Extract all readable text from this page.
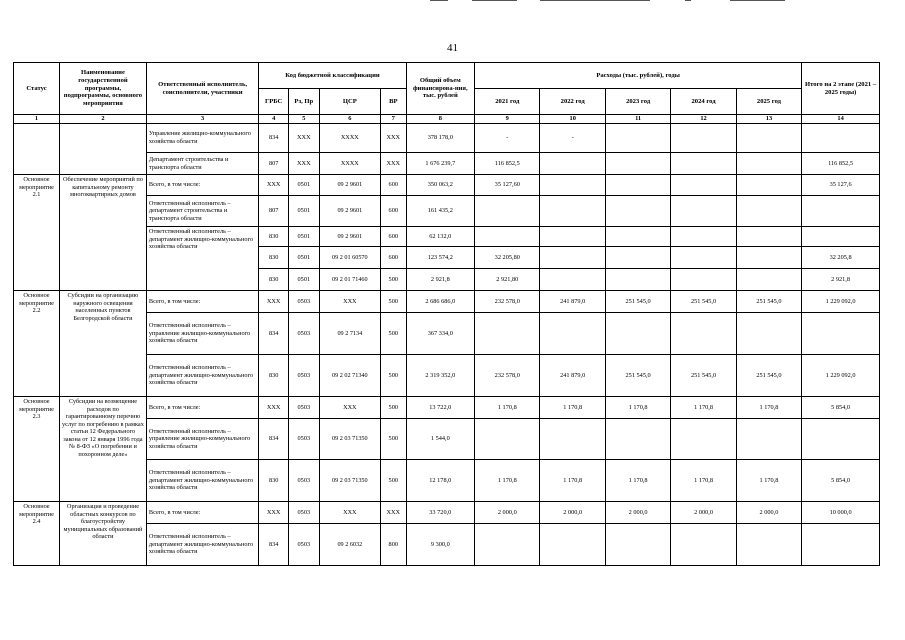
41
Статус	Наименование государственной программы, подпрограммы, основного мероприятия	Ответственный исполнитель, соисполнители, участники	Код бюджетной классификации				Общий объем финансирова-ния, тыс. рублей	Расходы (тыс. рублей), годы					Итого на 2 этапе (2021 – 2025 годы)
			ГРБС	Рз, Пр	ЦСР	ВР		2021 год	2022 год	2023 год	2024 год	2025 год	
1	2	3	4	5	6	7	8	9	10	11	12	13	14
		Управление жилищно-коммунального хозяйства области	834	ХХХ	ХХХХ	ХХХ	378 178,0	-	-				
		Департамент строительства и транспорта области	807	ХХХ	ХХХХ	ХХХ	1 676 239,7	116 852,5					116 852,5
Основное мероприятие 2.1	Обеспечение мероприятий по капитальному ремонту многоквартирных домов	Всего, в том числе:	ХХХ	0501	09 2 9601	600	350 063,2	35 127,60					35 127,6
		Ответственный исполнитель – департамент строительства и транспорта области	807	0501	09 2 9601	600	161 435,2						
		Ответственный исполнитель – департамент жилищно-коммунального хозяйства области	830	0501	09 2 9601	600	62 132,0						
			830	0501	09 2 01 60570	600	123 574,2	32 205,80					32 205,8
			830	0501	09 2 01 71460	500	2 921,8	2 921,80					2 921,8
Основное мероприятие 2.2	Субсидии на организацию наружного освещения населенных пунктов Белгородской области	Всего, в том числе:	ХХХ	0503	ХХХ	500	2 686 686,0	232 578,0	241 879,0	251 545,0	251 545,0	251 545,0	1 229 092,0
		Ответственный исполнитель – управление жилищно-коммунального хозяйства области	834	0503	09 2 7134	500	367 334,0						
		Ответственный исполнитель – департамент жилищно-коммунального хозяйства области	830	0503	09 2 02 71340	500	2 319 352,0	232 578,0	241 879,0	251 545,0	251 545,0	251 545,0	1 229 092,0
Основное мероприятие 2.3	Субсидии на возмещение расходов по гарантированному перечню услуг по погребению в рамках статьи 12 Федерального закона от 12 января 1996 года № 8-ФЗ «О погребении и похоронном деле»	Всего, в том числе:	ХХХ	0503	ХХХ	500	13 722,0	1 170,8	1 170,8	1 170,8	1 170,8	1 170,8	5 854,0
		Ответственный исполнитель – управление жилищно-коммунального хозяйства области	834	0503	09 2 03 71350	500	1 544,0						
		Ответственный исполнитель – департамент жилищно-коммунального хозяйства области	830	0503	09 2 03 71350	500	12 178,0	1 170,8	1 170,8	1 170,8	1 170,8	1 170,8	5 854,0
Основное мероприятие 2.4	Организация и проведение областных конкурсов по благоустройству муниципальных образований области	Всего, в том числе:	ХХХ	0503	ХХХ	ХХХ	33 720,0	2 000,0	2 000,0	2 000,0	2 000,0	2 000,0	10 000,0
		Ответственный исполнитель – департамент жилищно-коммунального хозяйства области	834	0503	09 2 6032	800	9 300,0						
